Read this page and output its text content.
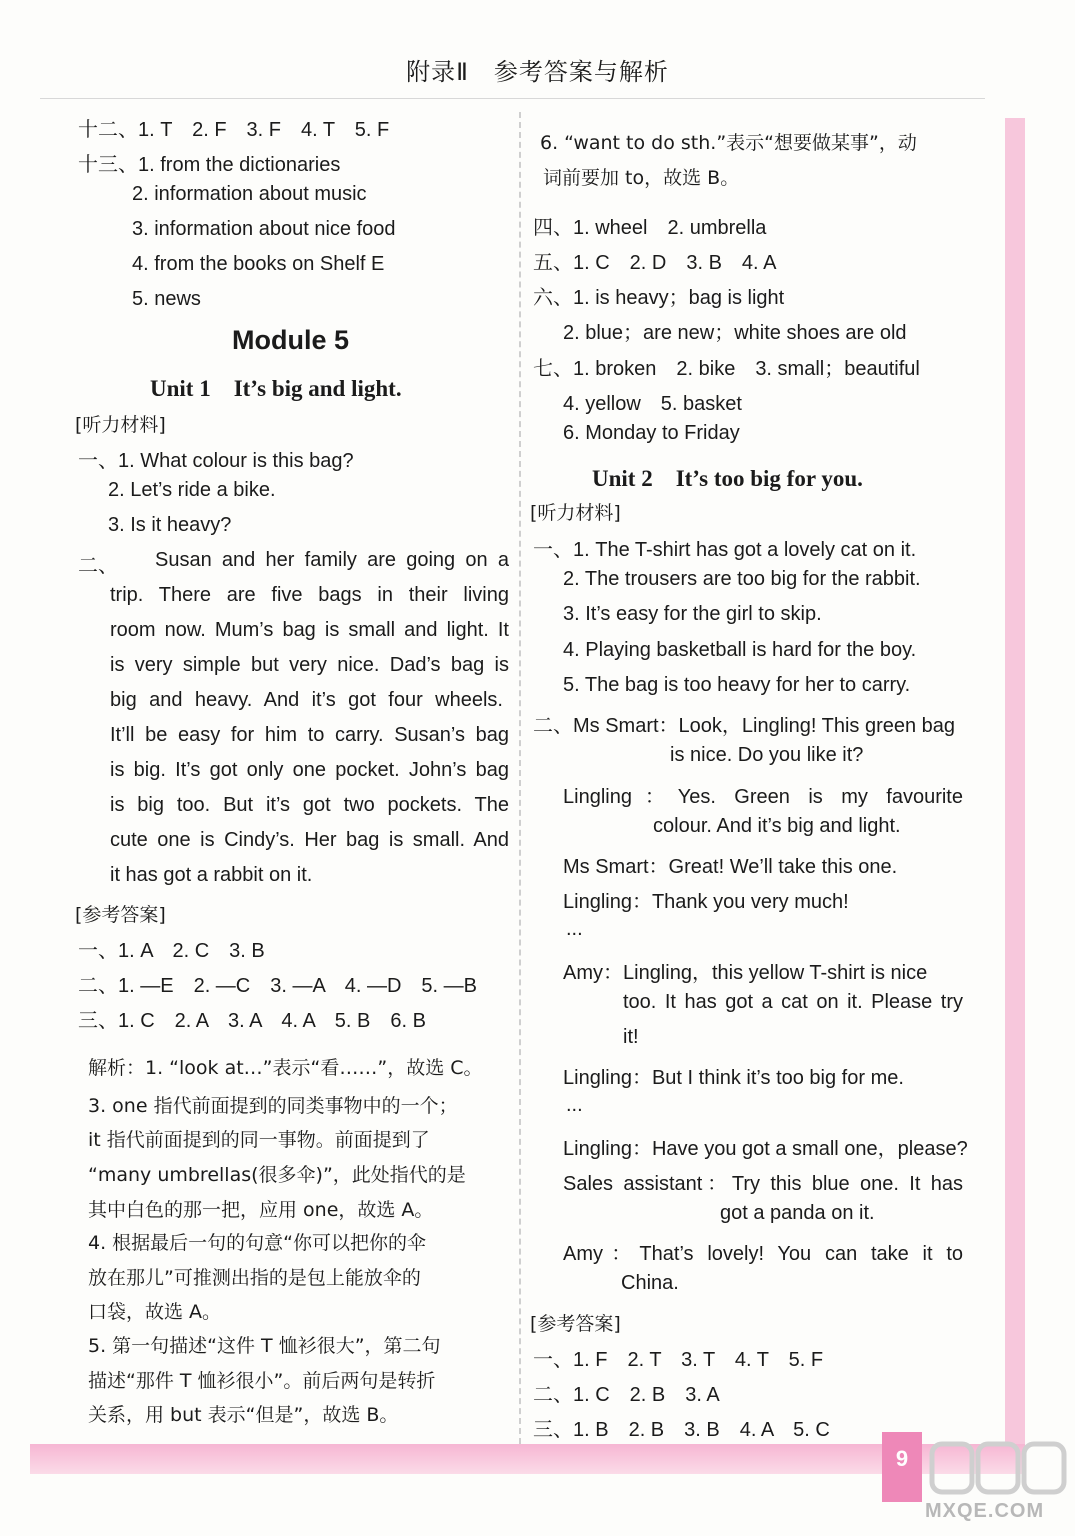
附录Ⅱ　参考答案与解析
十二、1. T　2. F　3. F　4. T　5. F
十三、1. from the dictionaries
2. information about music
3. information about nice food
4. from the books on Shelf E
5. news
Module 5
Unit 1　It’s big and light.
[听力材料]
一、1. What colour is this bag?
2. Let’s ride a bike.
3. Is it heavy?
二、 Susan and her family are going on a
trip. There are five bags in their living
room now. Mum’s bag is small and light. It
is very simple but very nice. Dad’s bag is
big and heavy. And it’s got four wheels.
It’ll be easy for him to carry. Susan’s bag
is big. It’s got only one pocket. John’s bag
is big too. But it’s got two pockets. The
cute one is Cindy’s. Her bag is small. And
it has got a rabbit on it.
[参考答案]
一、1. A　2. C　3. B
二、1. —E　2. —C　3. —A　4. —D　5. —B
三、1. C　2. A　3. A　4. A　5. B　6. B
解析：1. “look at…”表示“看……”，故选 C。
3. one 指代前面提到的同类事物中的一个；
it 指代前面提到的同一事物。前面提到了
“many umbrellas(很多伞)”，此处指代的是
其中白色的那一把，应用 one，故选 A。
4. 根据最后一句的句意“你可以把你的伞
放在那儿”可推测出指的是包上能放伞的
口袋，故选 A。
5. 第一句描述“这件 T 恤衫很大”，第二句
描述“那件 T 恤衫很小”。前后两句是转折
关系，用 but 表示“但是”，故选 B。
6. “want to do sth.”表示“想要做某事”，动
词前要加 to，故选 B。
四、1. wheel　2. umbrella
五、1. C　2. D　3. B　4. A
六、1. is heavy；bag is light
2. blue；are new；white shoes are old
七、1. broken　2. bike　3. small；beautiful
4. yellow　5. basket
6. Monday to Friday
Unit 2　It’s too big for you.
[听力材料]
一、1. The T-shirt has got a lovely cat on it.
2. The trousers are too big for the rabbit.
3. It’s easy for the girl to skip.
4. Playing basketball is hard for the boy.
5. The bag is too heavy for her to carry.
二、Ms Smart：Look，Lingling! This green bag
is nice. Do you like it?
Lingling：Yes. Green is my favourite
colour. And it’s big and light.
Ms Smart：Great! We’ll take this one.
Lingling：Thank you very much!
...
Amy：Lingling，this yellow T-shirt is nice
too. It has got a cat on it. Please try
it!
Lingling：But I think it’s too big for me.
...
Lingling：Have you got a small one，please?
Sales assistant：Try this blue one. It has
got a panda on it.
Amy：That’s lovely! You can take it to
China.
[参考答案]
一、1. F　2. T　3. T　4. T　5. F
二、1. C　2. B　3. A
三、1. B　2. B　3. B　4. A　5. C
9
MXQE.COM
